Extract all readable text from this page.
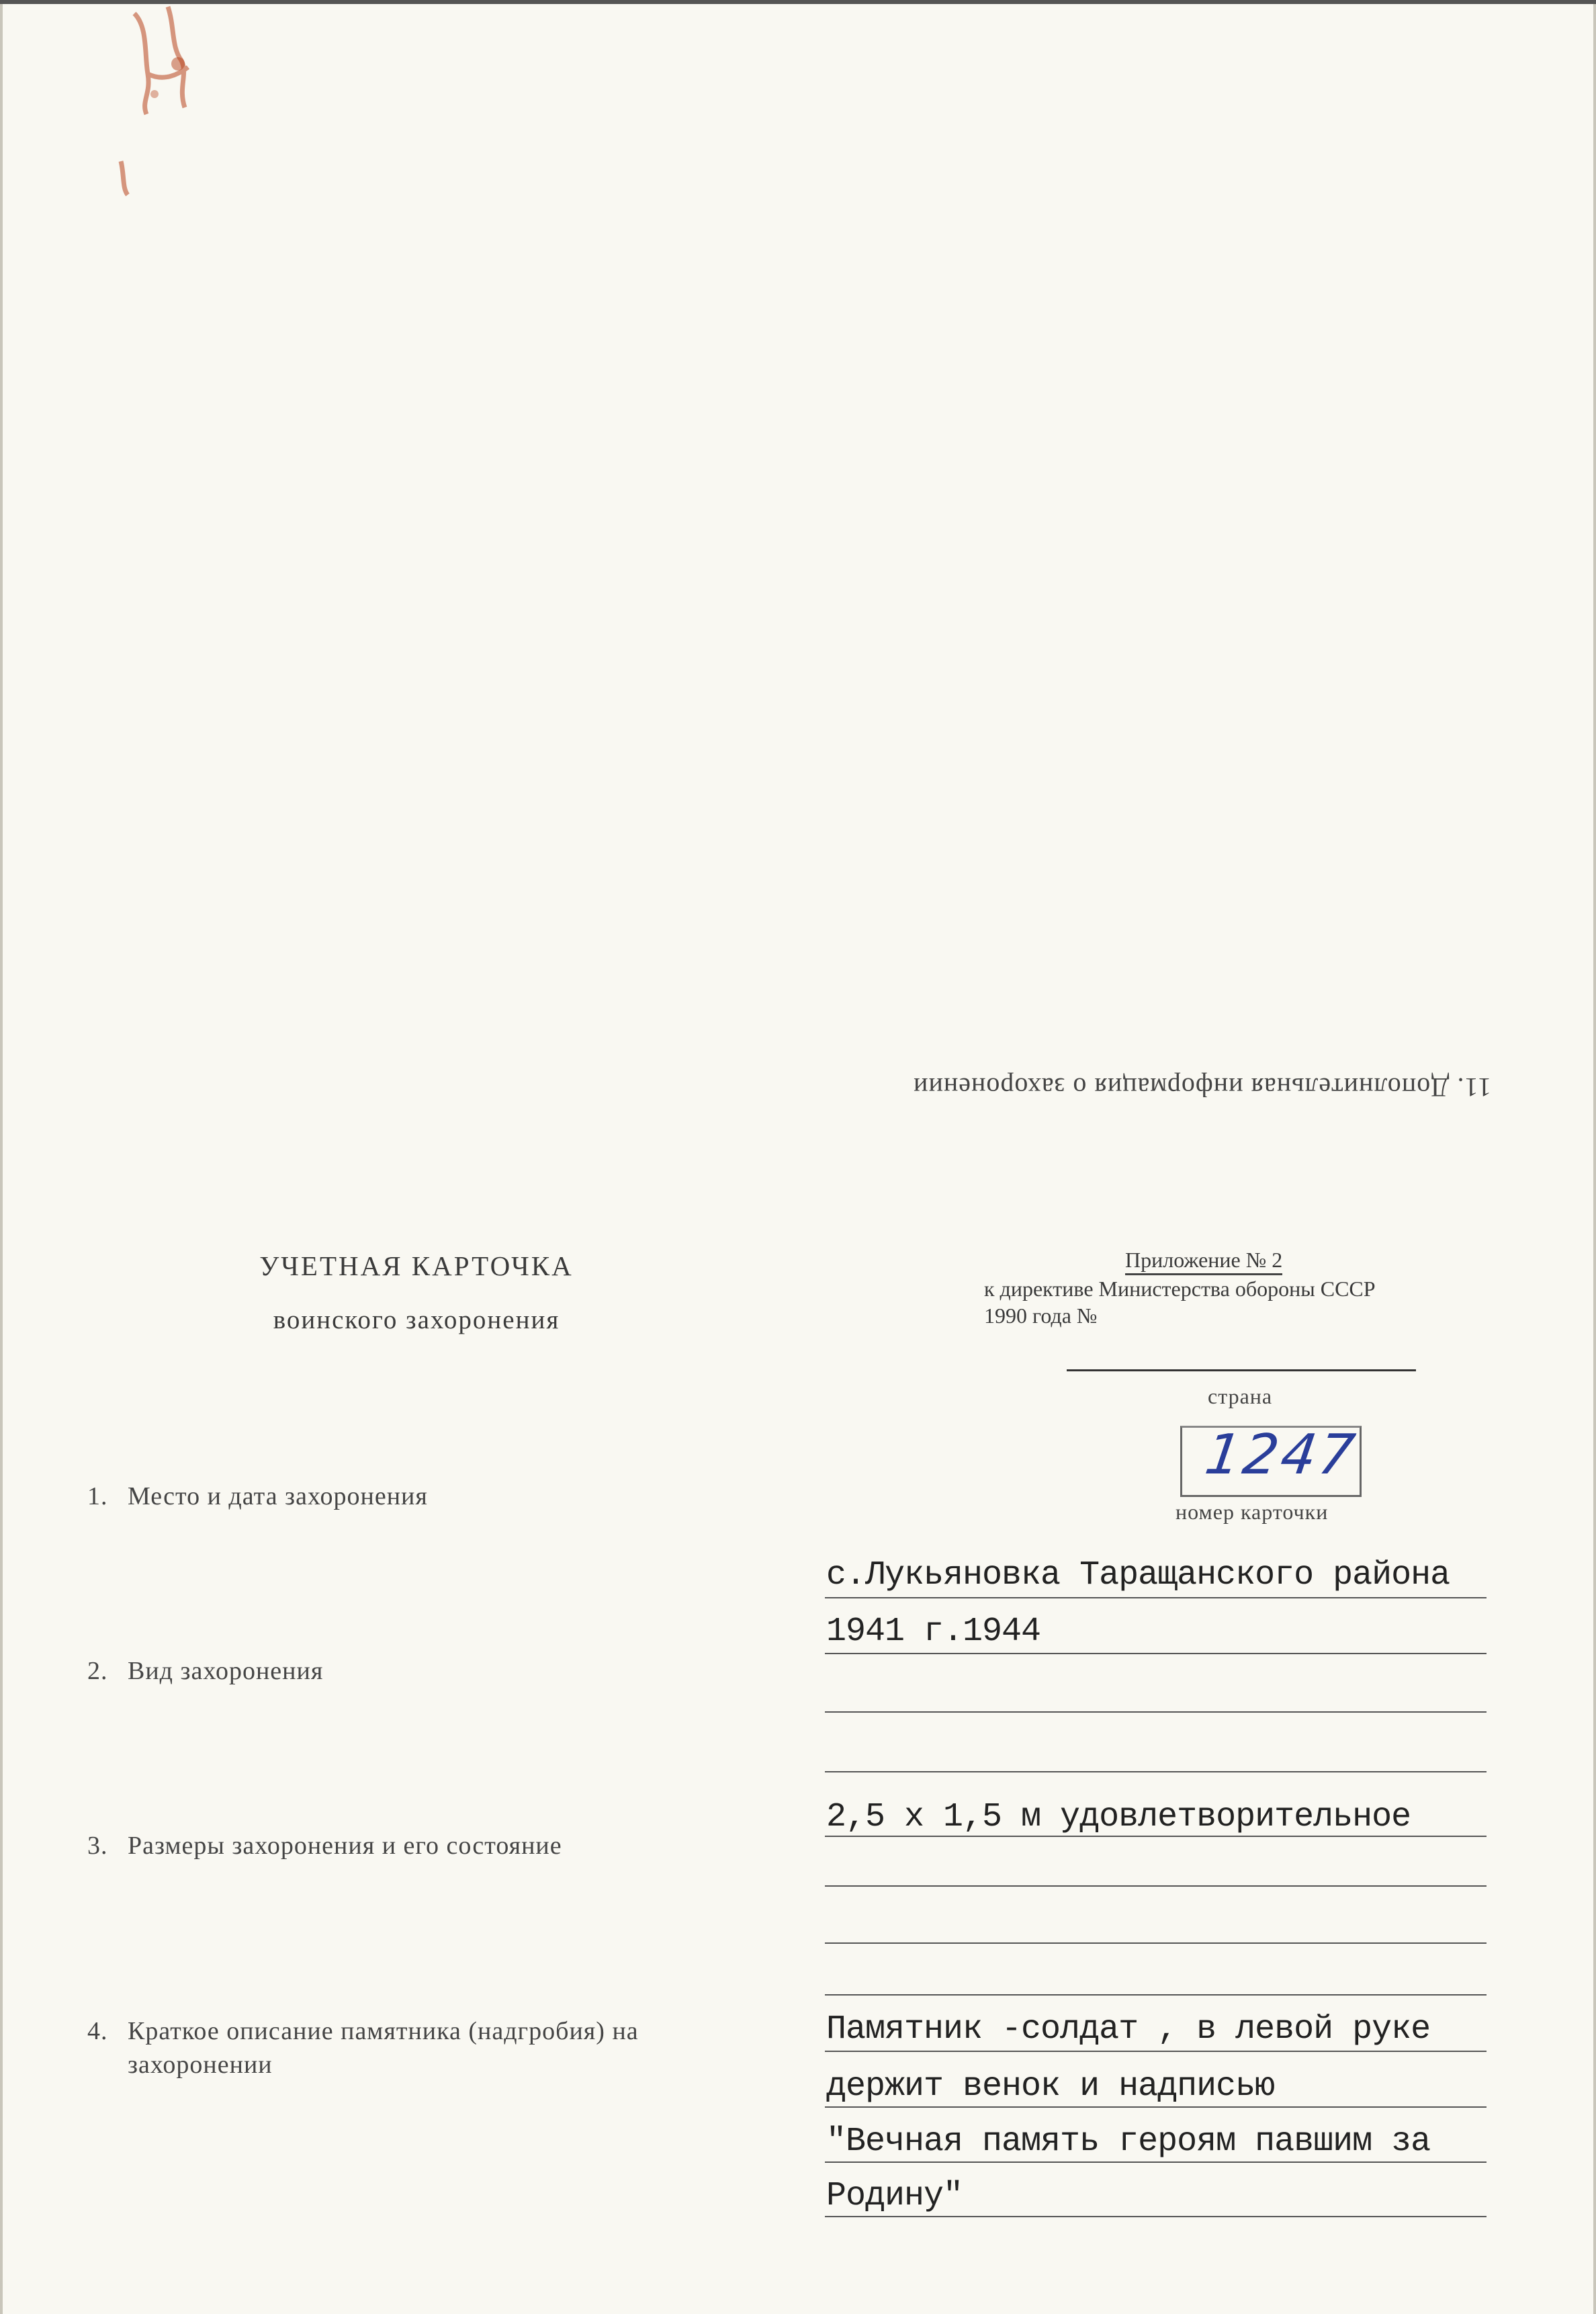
11. Дополнительная информация о захоронении
УЧЕТНАЯ КАРТОЧКА
воинского захоронения
Приложение № 2
к директиве Министерства обороны СССР
1990 года №
страна
1247
номер карточки
1. Место и дата захоронения
2. Вид захоронения
3. Размеры захоронения и его состояние
4. Краткое описание памятника (надгробия) на
захоронении
с.Лукьяновка Таращанского района
1941 г.1944
2,5 х 1,5 м удовлетворительное
Памятник -солдат , в левой руке
держит венок и надписью
"Вечная память героям павшим за
Родину"
